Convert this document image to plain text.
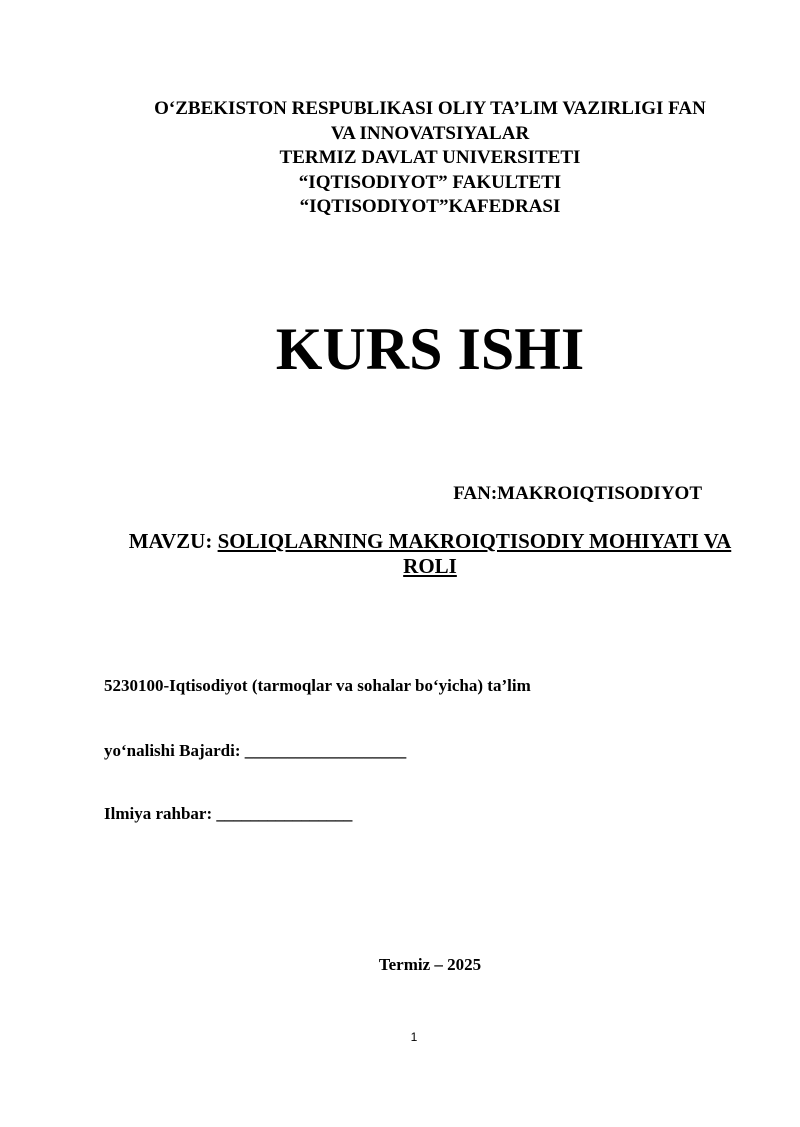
O‘ZBEKISTON RESPUBLIKASI OLIY TA’LIM VAZIRLIGI FAN
VA INNOVATSIYALAR
TERMIZ DAVLAT UNIVERSITETI
“IQTISODIYOT” FAKULTETI
“IQTISODIYOT”KAFEDRASI
KURS ISHI
FAN:MAKROIQTISODIYOT
MAVZU: SOLIQLARNING MAKROIQTISODIY MOHIYATI VA ROLI
5230100-Iqtisodiyot (tarmoqlar va sohalar bo‘yicha) ta’lim
yo‘nalishi Bajardi: ___________________
Ilmiya rahbar: ________________
Termiz – 2025
1
